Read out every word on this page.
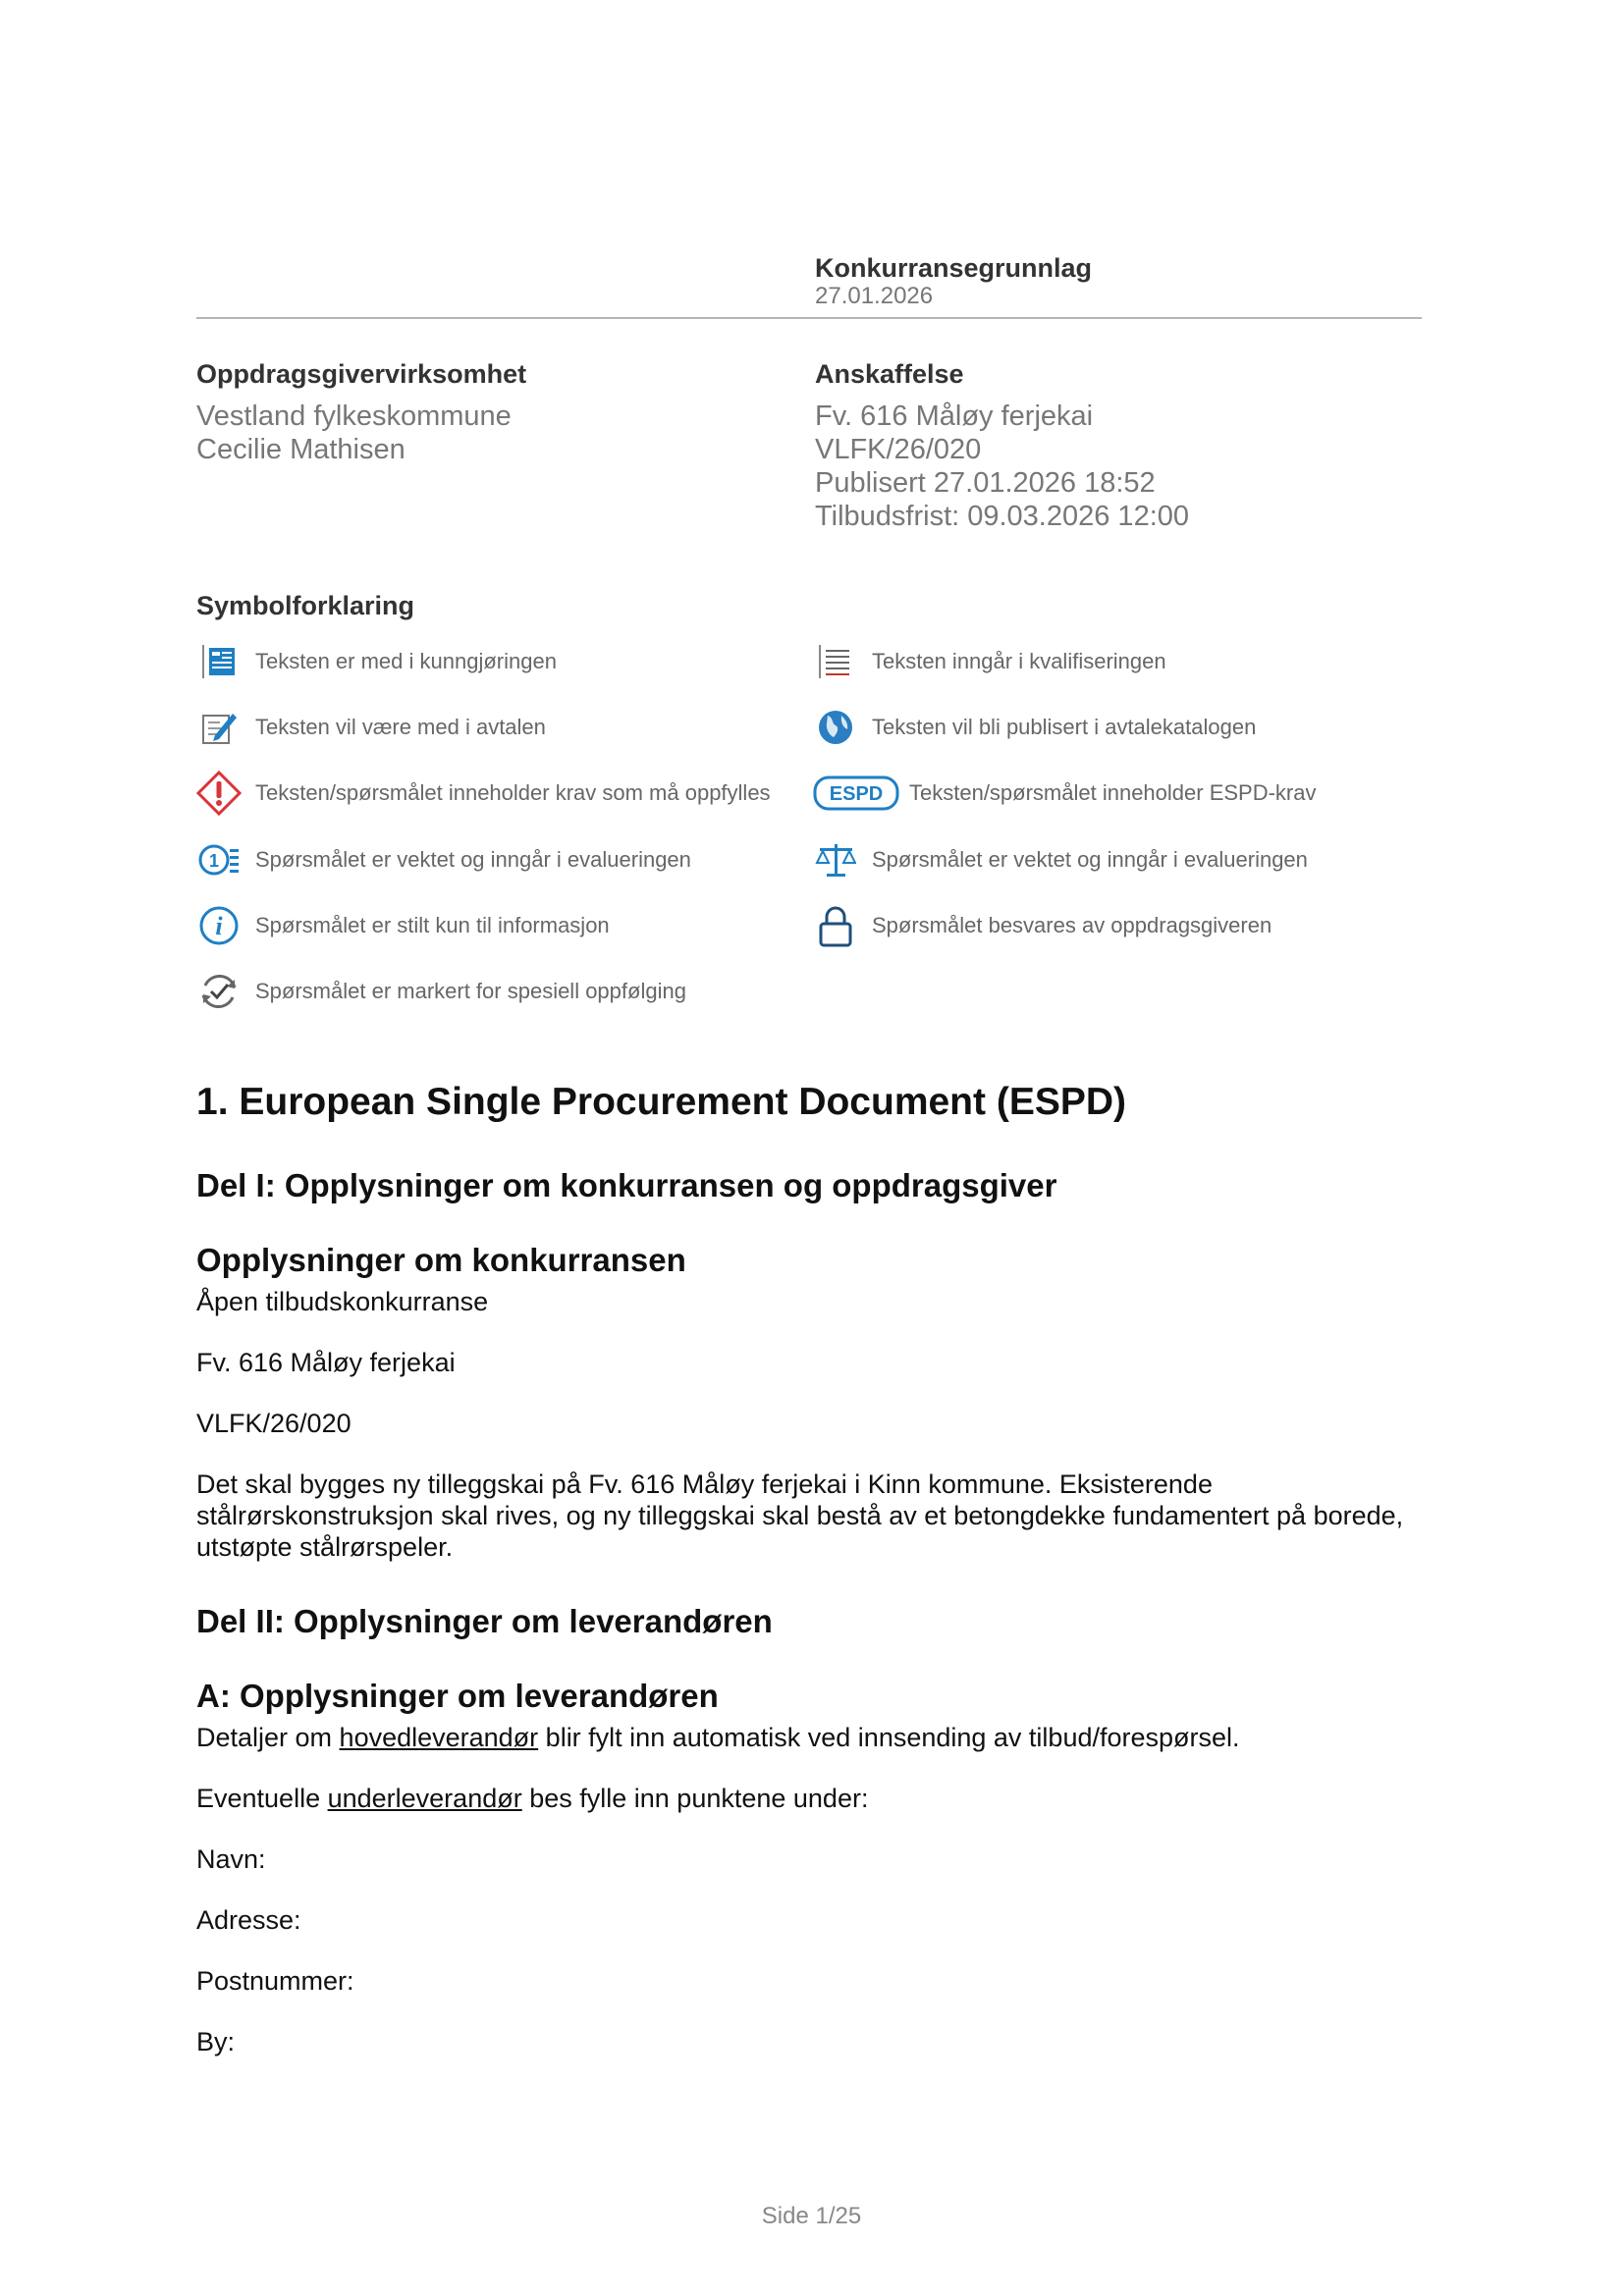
Konkurransegrunnlag
27.01.2026
Oppdragsgivervirksomhet
Vestland fylkeskommune
Cecilie Mathisen
Anskaffelse
Fv. 616 Måløy ferjekai
VLFK/26/020
Publisert 27.01.2026 18:52
Tilbudsfrist: 09.03.2026 12:00
Symbolforklaring
Teksten er med i kunngjøringen	Teksten inngår i kvalifiseringen
Teksten vil være med i avtalen	Teksten vil bli publisert i avtalekatalogen
Teksten/spørsmålet inneholder krav som må oppfylles	ESPD Teksten/spørsmålet inneholder ESPD-krav
1 Spørsmålet er vektet og inngår i evalueringen	Spørsmålet er vektet og inngår i evalueringen
i Spørsmålet er stilt kun til informasjon	Spørsmålet besvares av oppdragsgiveren
Spørsmålet er markert for spesiell oppfølging
1. European Single Procurement Document (ESPD)
Del I: Opplysninger om konkurransen og oppdragsgiver
Opplysninger om konkurransen

Åpen tilbudskonkurranse

Fv. 616 Måløy ferjekai

VLFK/26/020

Det skal bygges ny tilleggskai på Fv. 616 Måløy ferjekai i Kinn kommune. Eksisterende stålrørskonstruksjon skal rives, og ny tilleggskai skal bestå av et betongdekke fundamentert på borede, utstøpte stålrørspeler.

Del II: Opplysninger om leverandøren
A: Opplysninger om leverandøren

Detaljer om hovedleverandør blir fylt inn automatisk ved innsending av tilbud/forespørsel.

Eventuelle underleverandør bes fylle inn punktene under:

Navn:

Adresse:

Postnummer:

By:

Side 1/25
